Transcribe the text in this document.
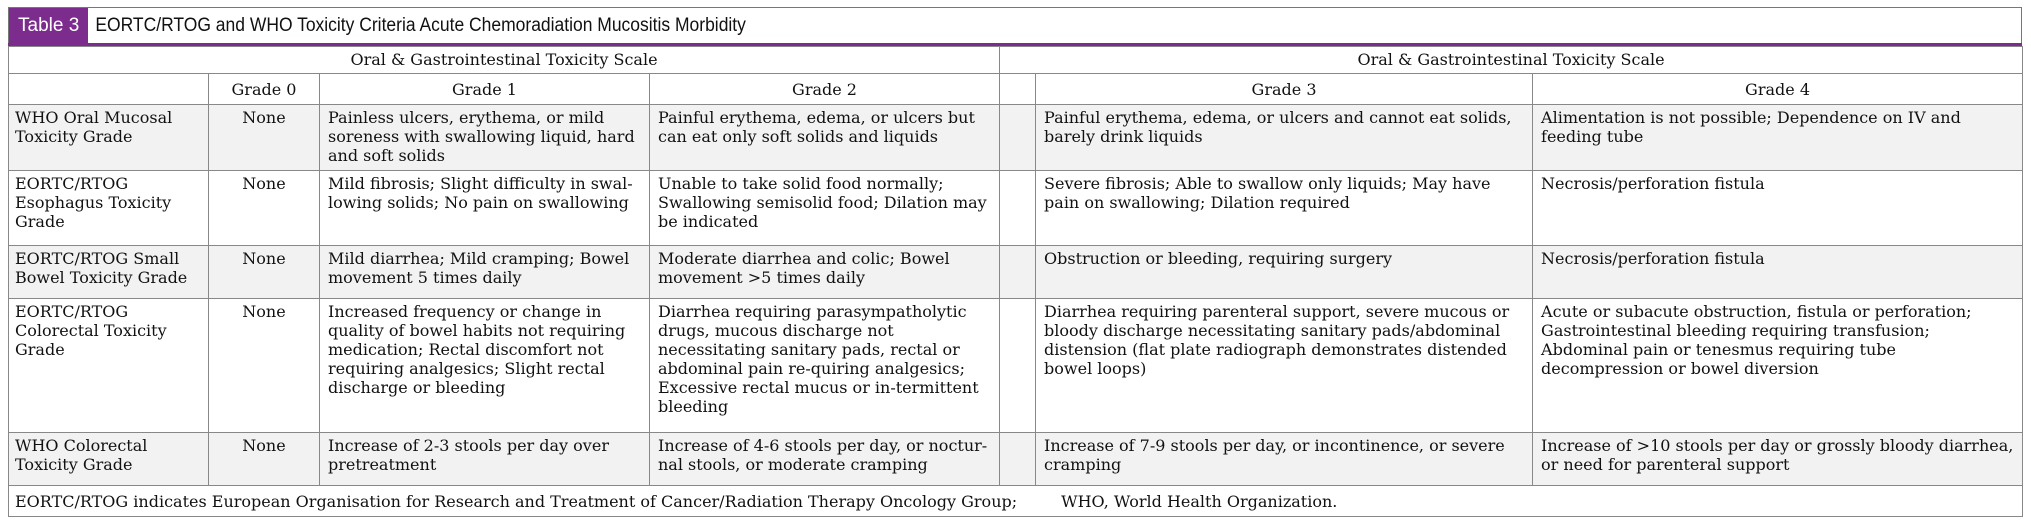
Table 3 EORTC/RTOG and WHO Toxicity Criteria Acute Chemoradiation Mucositis Morbidity
Oral & Gastrointestinal Toxicity Scale				Oral & Gastrointestinal Toxicity Scale		
	Grade 0	Grade 1	Grade 2		Grade 3	Grade 4
WHO Oral Mucosal Toxicity Grade	None	Painless ulcers, erythema, or mild soreness with swallowing liquid, hard and soft solids	Painful erythema, edema, or ulcers but can eat only soft solids and liquids		Painful erythema, edema, or ulcers and cannot eat solids, barely drink liquids	Alimentation is not possible; Dependence on IV and feeding tube
EORTC/RTOG Esophagus Toxicity Grade	None	Mild fibrosis; Slight difficulty in swal-lowing solids; No pain on swallowing	Unable to take solid food normally; Swallowing semisolid food; Dilation may be indicated		Severe fibrosis; Able to swallow only liquids; May have pain on swallowing; Dilation required	Necrosis/perforation fistula
EORTC/RTOG Small Bowel Toxicity Grade	None	Mild diarrhea; Mild cramping; Bowel movement 5 times daily	Moderate diarrhea and colic; Bowel movement >5 times daily		Obstruction or bleeding, requiring surgery	Necrosis/perforation fistula
EORTC/RTOG Colorectal Toxicity Grade	None	Increased frequency or change in quality of bowel habits not requiring medication; Rectal discomfort not requiring analgesics; Slight rectal discharge or bleeding	Diarrhea requiring parasympatholytic drugs, mucous discharge not necessitating sanitary pads, rectal or abdominal pain re-quiring analgesics; Excessive rectal mucus or in-termittent bleeding		Diarrhea requiring parenteral support, severe mucous or bloody discharge necessitating sanitary pads/abdominal distension (flat plate radiograph demonstrates distended bowel loops)	Acute or subacute obstruction, fistula or perforation; Gastrointestinal bleeding requiring transfusion; Abdominal pain or tenesmus requiring tube decompression or bowel diversion
WHO Colorectal Toxicity Grade	None	Increase of 2-3 stools per day over pretreatment	Increase of 4-6 stools per day, or noctur-nal stools, or moderate cramping		Increase of 7-9 stools per day, or incontinence, or severe cramping	Increase of >10 stools per day or grossly bloody diarrhea, or need for parenteral support
EORTC/RTOG indicates European Organisation for Research and Treatment of Cancer/Radiation Therapy Oncology Group; WHO, World Health Organization.						
